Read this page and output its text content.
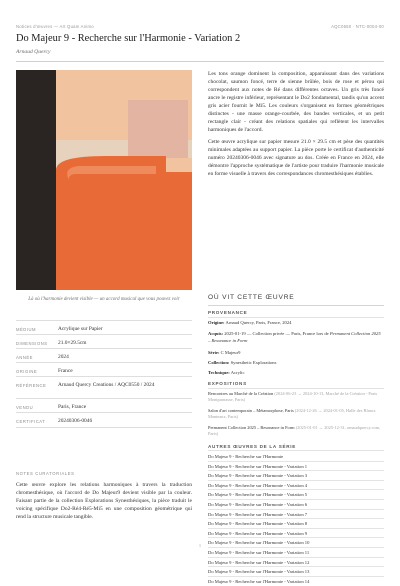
Notices d'œuvres — Art Quam Animo	AQC0550 · NTC-0004-00
Do Majeur 9 - Recherche sur l'Harmonie - Variation 2
Arnaud Quercy
Là où l'harmonie devient visible — un accord musical que vous pouvez voir
MÉDIUM	Acrylique sur Papier
DIMENSIONS 21.0×29.5cm
ANNÉE	2024
ORIGINE	France
RÉFÉRENCE Arnaud Quercy Creations / AQC0550 / 2024
VENDU	Paris, France
CERTIFICAT 20240306-0046
NOTES CURATORIALES
Cette œuvre explore les relations harmoniques à travers la traduction chromesthésique, où l'accord de Do Majeur9 devient visible par la couleur. Faisant partie de la collection Explorations Synesthésiques, la pièce traduit le voicing spécifique Do2-Ré4-Ré5-Mi5 en une composition géométrique qui rend la structure musicale tangible.

Les tons orange dominent la composition, apparaissant dans des variations chocolat, saumon foncé, terre de sienne brûlée, bois de rose et pérou qui correspondent aux notes de Ré dans différentes octaves. Un gris très foncé ancre le registre inférieur, représentant le Do2 fondamental, tandis qu'un accent gris acier fournit le Mi5. Les couleurs s'organisent en formes géométriques distinctes - une masse orange-courbée, des bandes verticales, et un petit rectangle clair - créant des relations spatiales qui reflètent les intervalles harmoniques de l'accord.

Cette œuvre acrylique sur papier mesure 21.0 × 29.5 cm et pèse des quantités minimales adaptées au support papier. La pièce porte le certificat d'authenticité numéro 20240306-0046 avec signature au dos. Créée en France en 2024, elle démontre l'approche systématique de l'artiste pour traduire l'harmonie musicale en forme visuelle à travers des correspondances chromesthésiques établies.

OÙ VIT CETTE ŒUVRE
PROVENANCE
Origine: Arnaud Quercy, Paris, France, 2024
Acquis: 2025-01-19 — Collection privée — Paris, France lors de Permanent Collection 2025 – Resonance in Form
Série: C Majeur9
Collection: Synesthetic Explorations
Technique: Acrylic
EXPOSITIONS
Rencontres au Marché de la Création (2024-06-23 → 2024-10-13, Marché de la Création - Paris Montparnasse, Paris)
Salon d'art contemporain – Métamorphose, Paris (2024-12-26 → 2024-01-05, Halle des Blancs Manteaux, Paris)
Permanent Collection 2025 – Resonance in Form (2025-01-01 → 2025-12-31, arnaudquercy.com, Paris)
AUTRES ŒUVRES DE LA SÉRIE
Do Majeur 9 - Recherche sur l'Harmonie
Do Majeur 9 - Recherche sur l'Harmonie - Variation 1
Do Majeur 9 - Recherche sur l'Harmonie - Variation 3
Do Majeur 9 - Recherche sur l'Harmonie - Variation 4
Do Majeur 9 - Recherche sur l'Harmonie - Variation 5
Do Majeur 9 - Recherche sur l'Harmonie - Variation 6
Do Majeur 9 - Recherche sur l'Harmonie - Variation 7
Do Majeur 9 - Recherche sur l'Harmonie - Variation 8
Do Majeur 9 - Recherche sur l'Harmonie - Variation 9
Do Majeur 9 - Recherche sur l'Harmonie - Variation 10
Do Majeur 9 - Recherche sur l'Harmonie - Variation 11
Do Majeur 9 - Recherche sur l'Harmonie - Variation 12
Do Majeur 9 - Recherche sur l'Harmonie - Variation 13
Do Majeur 9 - Recherche sur l'Harmonie - Variation 14
1
